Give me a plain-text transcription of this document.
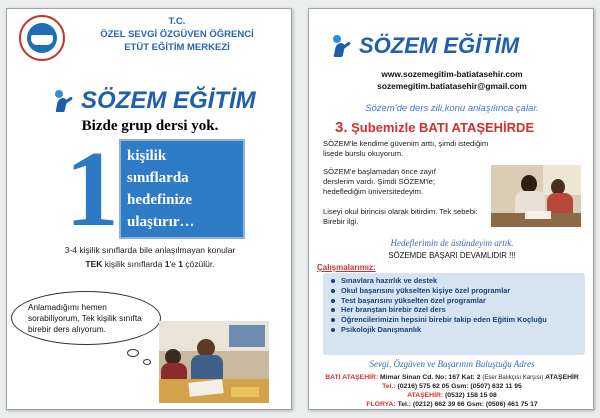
T.C.
ÖZEL SEVGİ ÖZGÜVEN ÖĞRENCİ
ETÜT EĞİTİM MERKEZİ
SÖZEM EĞİTİM
Bizde grup dersi yok.
1 kişilik
sınıflarda
hedefinize
ulaştırır…
3-4 kişilik sınıflarda bile anlaşılmayan konular
TEK kişilik sınıflarda 1'e 1 çözülür.
Anlamadığımı hemen sorabiliyorum, Tek kişilik sınıfta birebir ders alıyorum.
SÖZEM EĞİTİM
www.sozemegitim-batiatasehir.com
sozemegitim.batiatasehir@gmail.com
Sözem'de ders zili,konu anlaşılınca çalar.
3. Şubemizle BATI ATAŞEHİRDE
SÖZEM'le kendime güvenim arttı, şimdi istediğim lisede burslu okuyorum.
SÖZEM'e başlamadan önce zayıf derslerim vardı. Şimdi SÖZEM'le; hedeflediğim üniversitedeyim.
Liseyi okul birincisi olarak bitirdim. Tek sebebi: Birebir ilgi.
Hedeflerimin de üstündeyim artık.
SÖZEMDE BAŞARI DEVAMLIDIR !!!
Çalışmalarımız:
Sınavlara hazırlık ve destek
Okul başarısını yükselten kişiye özel programlar
Test başarısını yükselten özel programlar
Her branştan birebir özel ders
Öğrencilerimizin hepsini birebir takip eden Eğitim Koçluğu
Psikolojik Danışmanlık
Sevgi, Özgüven ve Başarının Buluştuğu Adres
BATI ATAŞEHİR: Mimar Sinan Cd. No: 167 Kat: 2 (Eser Balıkçısı Karşısı) ATAŞEHİR
Tel.: (0216) 575 62 05 Gsm: (0507) 632 11 95
ATAŞEHİR: (0532) 158 15 08
FLORYA: Tel.: (0212) 662 39 66 Gsm: (0506) 461 75 17
